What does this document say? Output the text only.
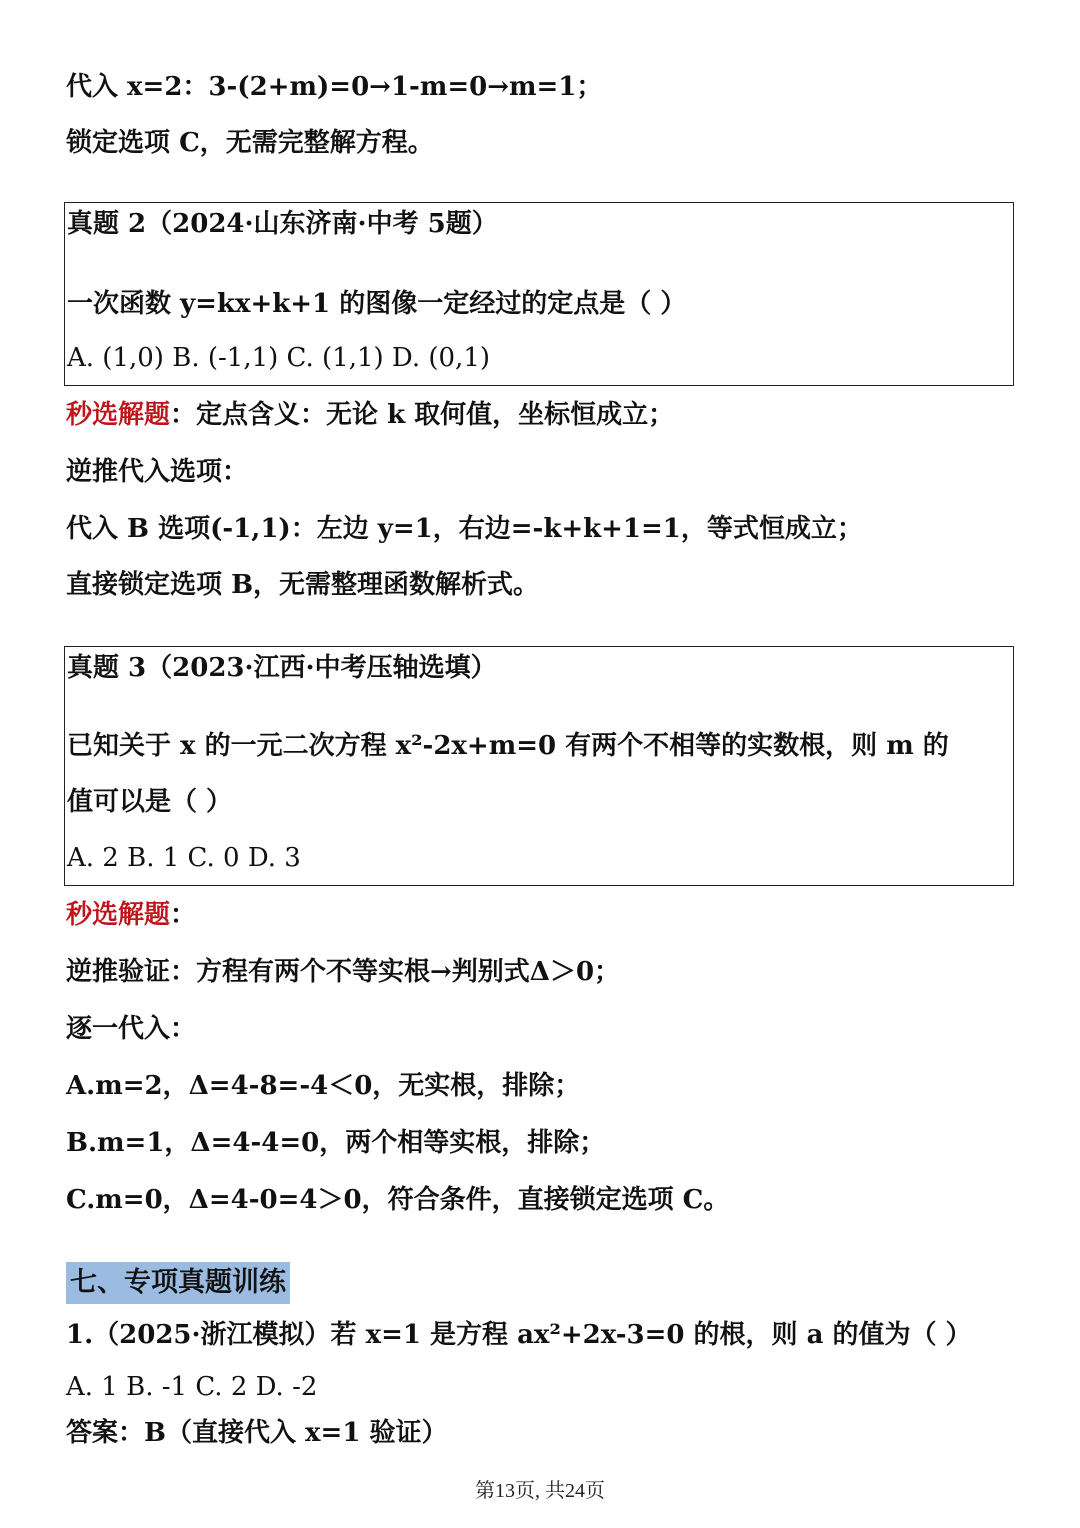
代入 x=2：3-(2+m)=0→1-m=0→m=1；
锁定选项 C，无需完整解方程。
真题 2（2024·山东济南·中考 5题）
一次函数 y=kx+k+1 的图像一定经过的定点是（ ）
A. (1,0) B. (-1,1) C. (1,1) D. (0,1)
秒选解题：定点含义：无论 k 取何值，坐标恒成立；
逆推代入选项：
代入 B 选项(-1,1)：左边 y=1，右边=-k+k+1=1，等式恒成立；
直接锁定选项 B，无需整理函数解析式。
真题 3（2023·江西·中考压轴选填）
已知关于 x 的一元二次方程 x²-2x+m=0 有两个不相等的实数根，则 m 的
值可以是（ ）
A. 2 B. 1 C. 0 D. 3
秒选解题：
逆推验证：方程有两个不等实根→判别式Δ＞0；
逐一代入：
A.m=2，Δ=4-8=-4＜0，无实根，排除；
B.m=1，Δ=4-4=0，两个相等实根，排除；
C.m=0，Δ=4-0=4＞0，符合条件，直接锁定选项 C。
七、专项真题训练
1.（2025·浙江模拟）若 x=1 是方程 ax²+2x-3=0 的根，则 a 的值为（ ）
A. 1 B. -1 C. 2 D. -2
答案：B（直接代入 x=1 验证）
第13页, 共24页
